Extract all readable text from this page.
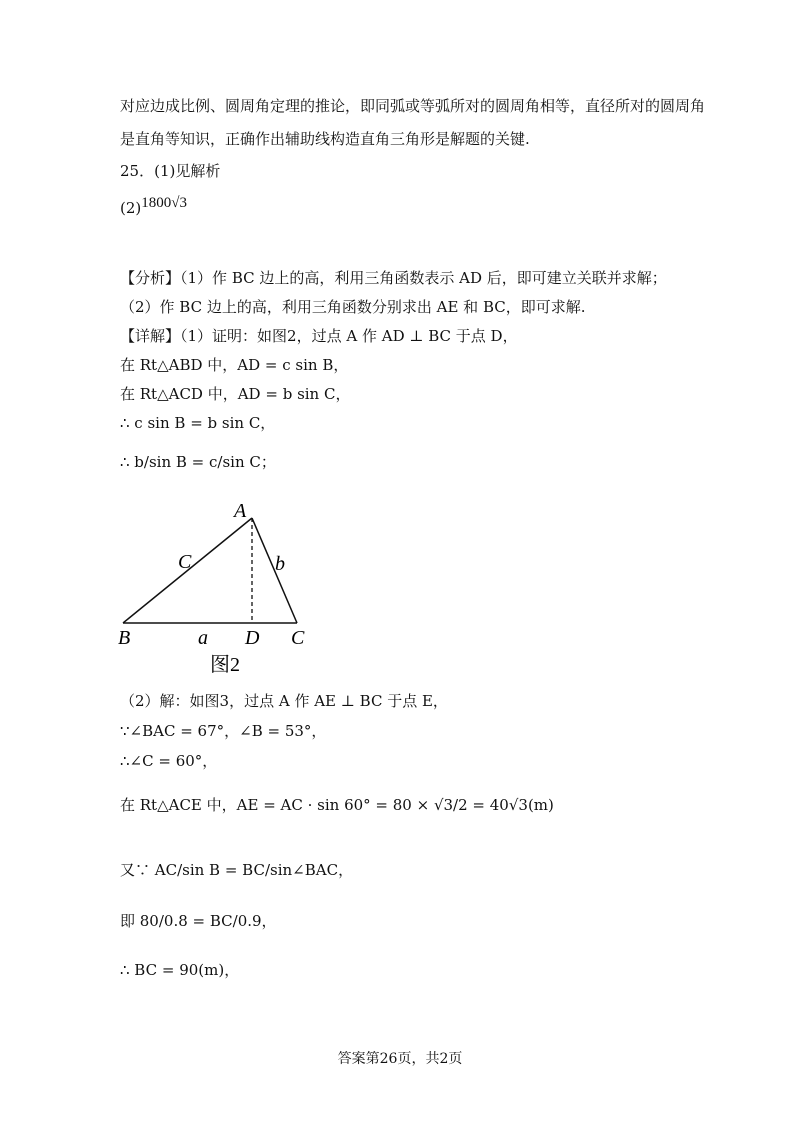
对应边成比例、圆周角定理的推论，即同弧或等弧所对的圆周角相等，直径所对的圆周角
是直角等知识，正确作出辅助线构造直角三角形是解题的关键.
25．(1)见解析
(2)1800√3
【分析】（1）作 BC 边上的高，利用三角函数表示 AD 后，即可建立关联并求解；
（2）作 BC 边上的高，利用三角函数分别求出 AE 和 BC，即可求解.
【详解】（1）证明：如图2，过点 A 作 AD ⊥ BC 于点 D，
在 Rt△ABD 中，AD = c sin B，
在 Rt△ACD 中，AD = b sin C，
∴ c sin B = b sin C，
∴ b/sin B = c/sin C；
A
B	C
D
C	b
a
图2
（2）解：如图3，过点 A 作 AE ⊥ BC 于点 E，
∵∠BAC = 67°，∠B = 53°，
∴∠C = 60°，
在 Rt△ACE 中，AE = AC · sin 60° = 80 × √3/2 = 40√3(m)
又∵ AC/sin B = BC/sin∠BAC，
即 80/0.8 = BC/0.9，
∴ BC = 90(m)，
答案第26页，共2页
